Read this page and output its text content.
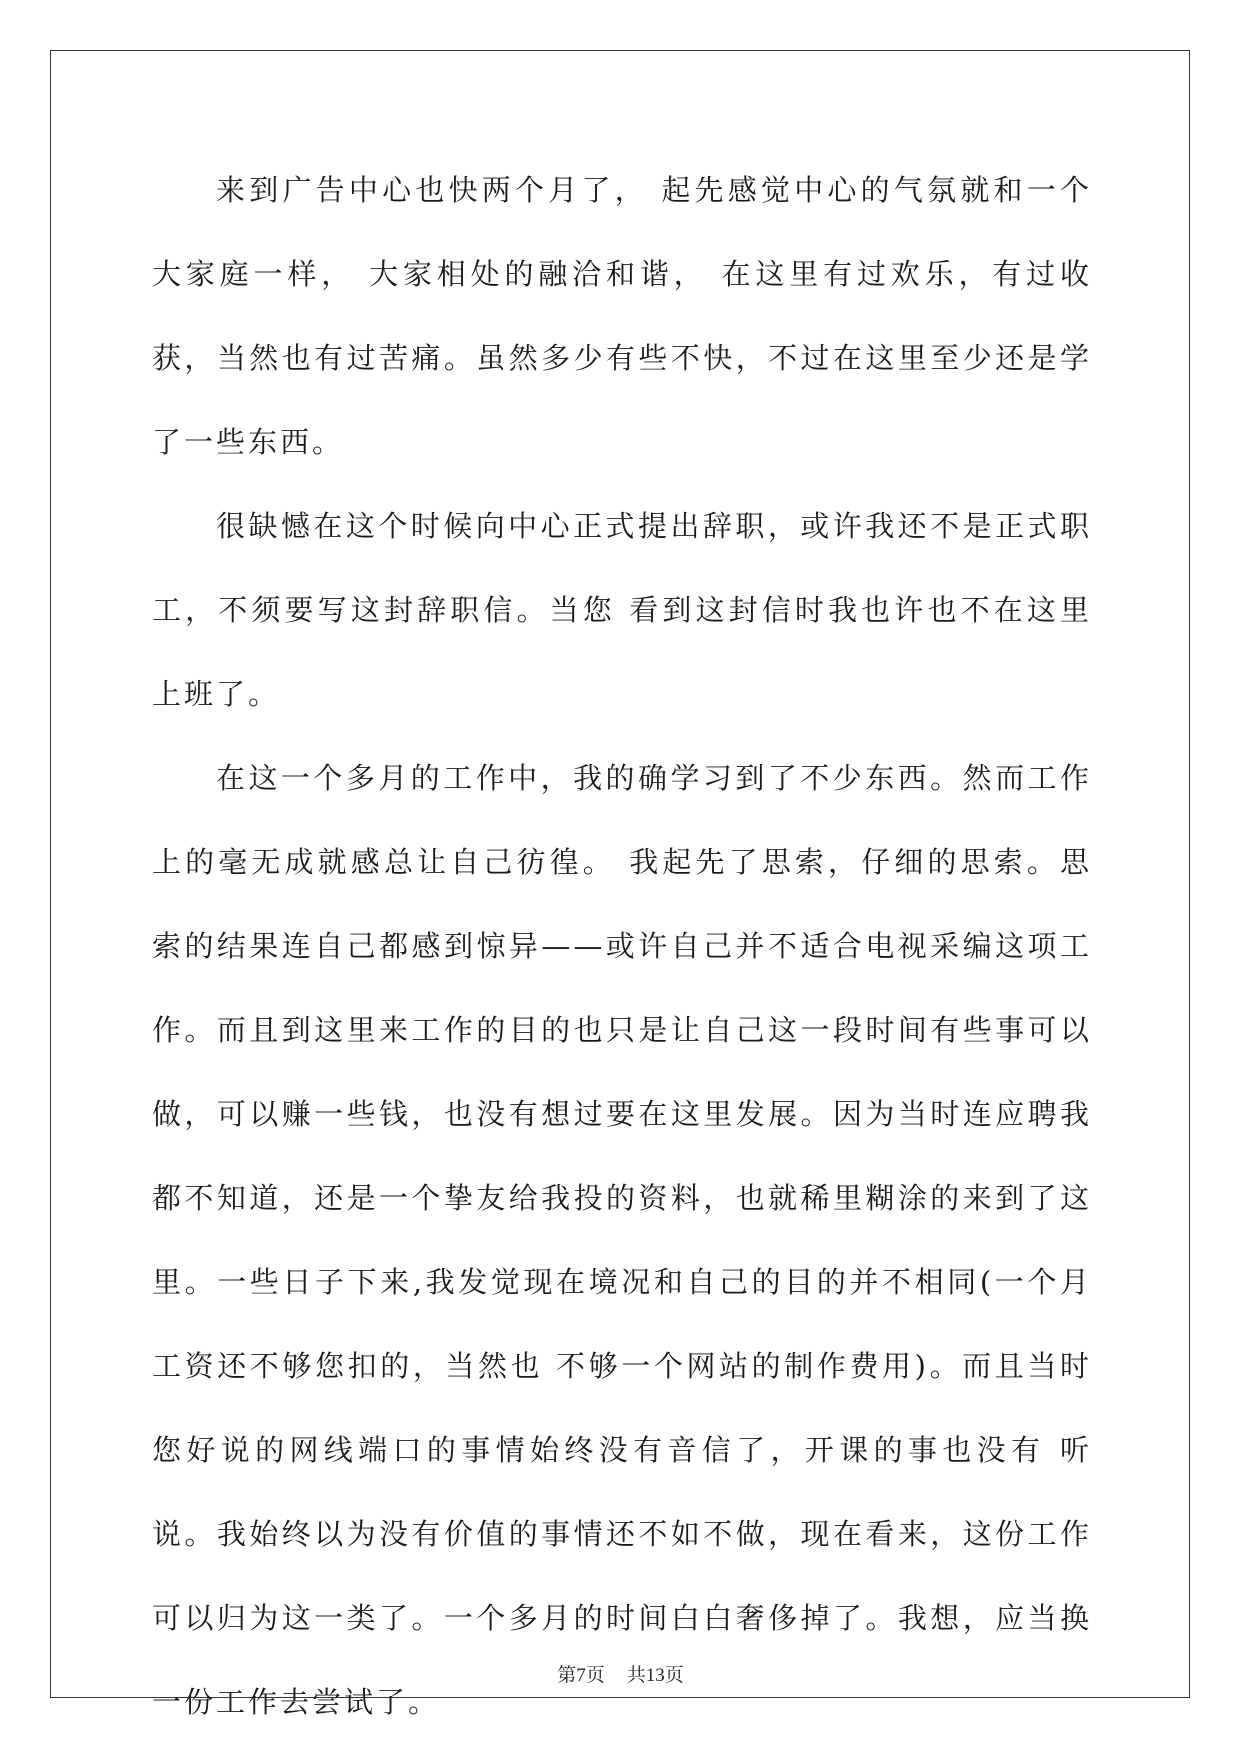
来到广告中心也快两个月了， 起先感觉中心的气氛就和一个大家庭一样， 大家相处的融洽和谐， 在这里有过欢乐，有过收获，当然也有过苦痛。虽然多少有些不快，不过在这里至少还是学了一些东西。

很缺憾在这个时候向中心正式提出辞职，或许我还不是正式职工，不须要写这封辞职信。当您 看到这封信时我也许也不在这里上班了。

在这一个多月的工作中，我的确学习到了不少东西。然而工作上的毫无成就感总让自己彷徨。 我起先了思索，仔细的思索。思索的结果连自己都感到惊异——或许自己并不适合电视采编这项工作。而且到这里来工作的目的也只是让自己这一段时间有些事可以做，可以赚一些钱，也没有想过要在这里发展。因为当时连应聘我都不知道，还是一个挚友给我投的资料，也就稀里糊涂的来到了这里。一些日子下来,我发觉现在境况和自己的目的并不相同(一个月工资还不够您扣的，当然也 不够一个网站的制作费用)。而且当时您好说的网线端口的事情始终没有音信了，开课的事也没有 听说。我始终以为没有价值的事情还不如不做，现在看来，这份工作可以归为这一类了。一个多月的时间白白奢侈掉了。我想，应当换一份工作去尝试了。

第7页 共13页
